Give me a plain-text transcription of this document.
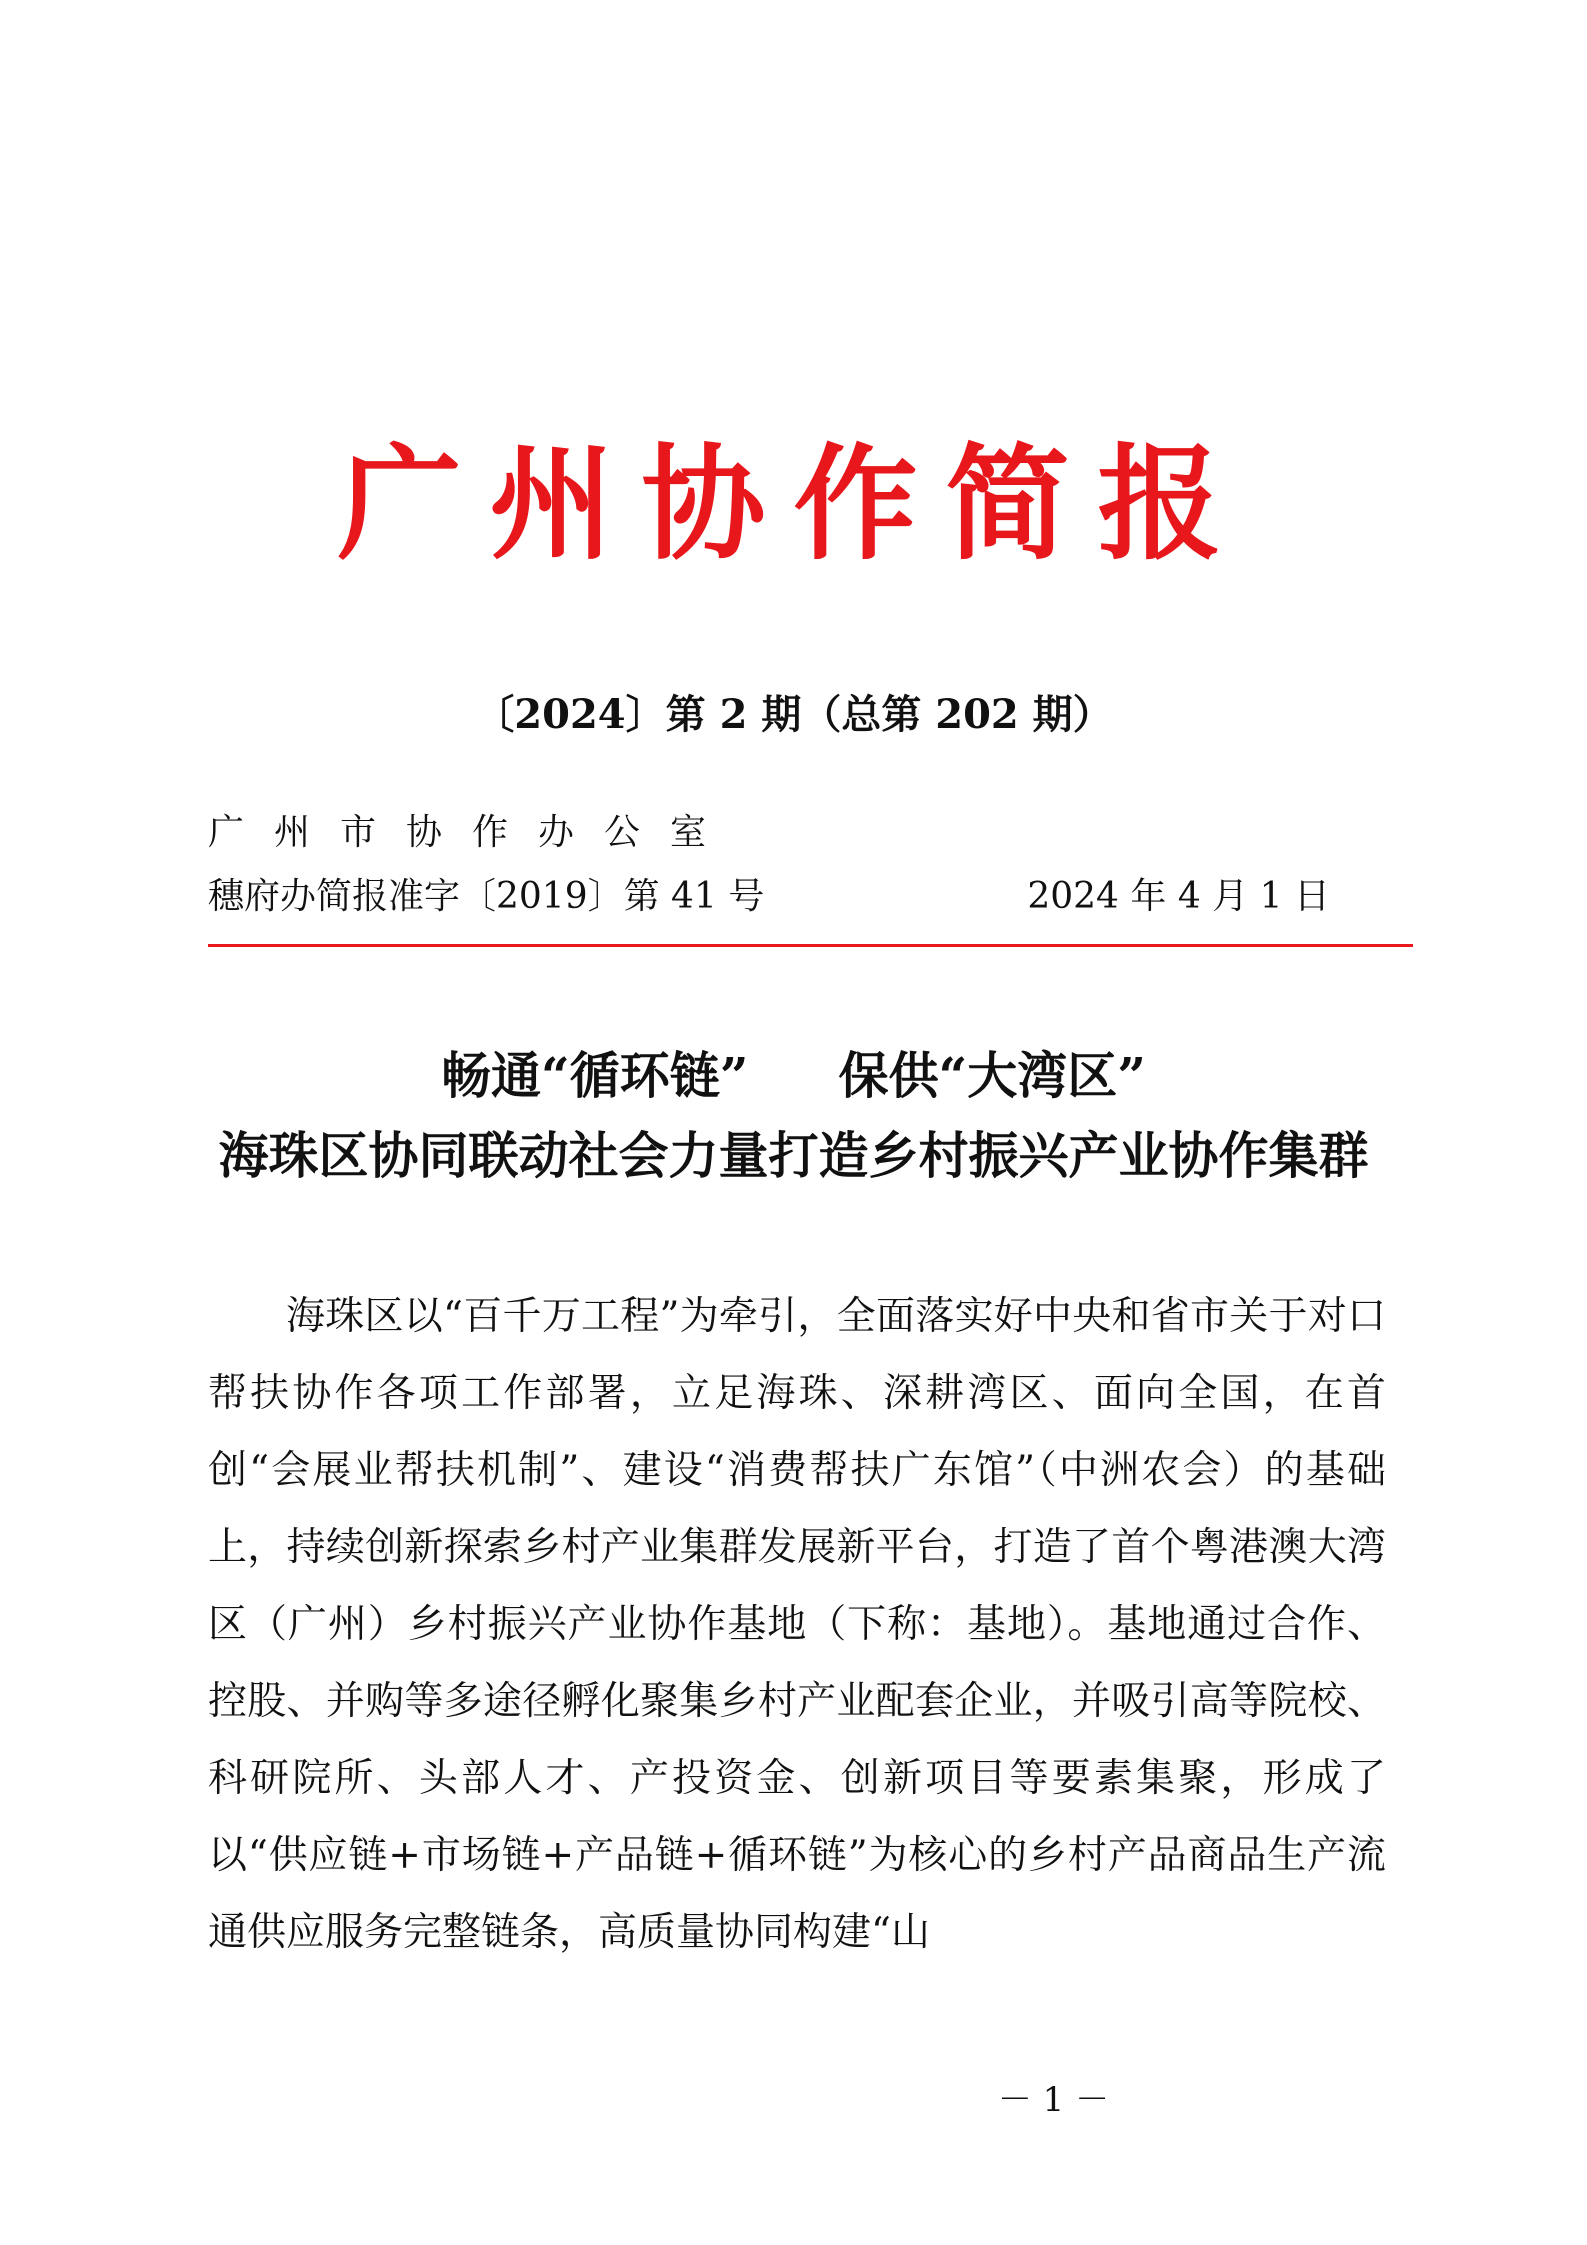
广州协作简报
〔2024〕第 2 期（总第 202 期）
广州市协作办公室
穗府办简报准字〔2019〕第 41 号	2024 年 4 月 1 日
畅通“循环链” 保供“大湾区”
海珠区协同联动社会力量打造乡村振兴产业协作集群

海珠区以“百千万工程”为牵引，全面落实好中央和省市关于对口帮扶协作各项工作部署，立足海珠、深耕湾区、面向全国，在首创“会展业帮扶机制”、建设“消费帮扶广东馆”（中洲农会）的基础上，持续创新探索乡村产业集群发展新平台，打造了首个粤港澳大湾区（广州）乡村振兴产业协作基地（下称：基地）。基地通过合作、控股、并购等多途径孵化聚集乡村产业配套企业，并吸引高等院校、科研院所、头部人才、产投资金、创新项目等要素集聚，形成了以“供应链+市场链+产品链+循环链”为核心的乡村产品商品生产流通供应服务完整链条，高质量协同构建“山

－ 1 －
